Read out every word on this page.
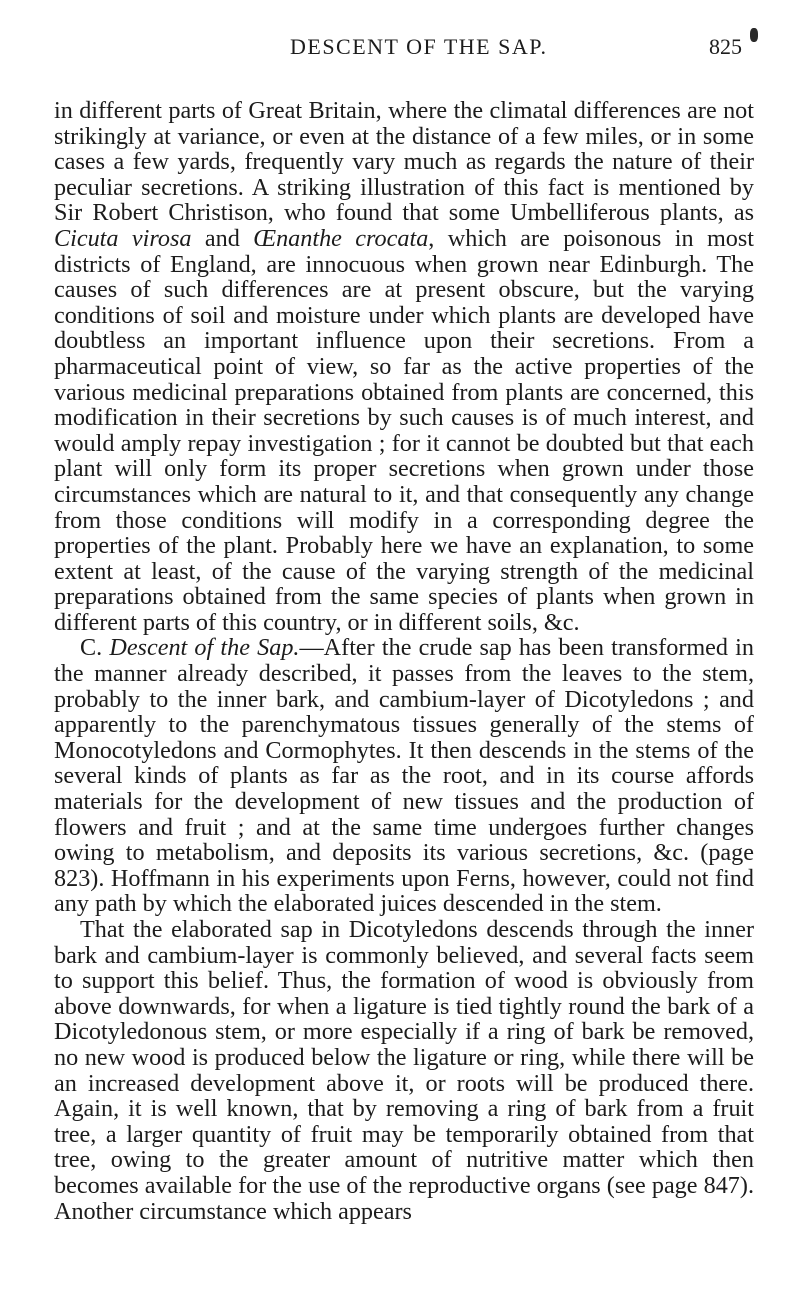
DESCENT OF THE SAP.	825

in different parts of Great Britain, where the climatal differences are not strikingly at variance, or even at the distance of a few miles, or in some cases a few yards, frequently vary much as regards the nature of their peculiar secretions. A striking illustration of this fact is mentioned by Sir Robert Christison, who found that some Umbelliferous plants, as Cicuta virosa and Œnanthe crocata, which are poisonous in most districts of England, are innocuous when grown near Edinburgh. The causes of such differences are at present obscure, but the varying conditions of soil and moisture under which plants are developed have doubtless an important influence upon their secretions. From a pharmaceutical point of view, so far as the active properties of the various medicinal preparations obtained from plants are concerned, this modification in their secretions by such causes is of much interest, and would amply repay investigation ; for it cannot be doubted but that each plant will only form its proper secretions when grown under those circumstances which are natural to it, and that consequently any change from those conditions will modify in a corresponding degree the properties of the plant. Probably here we have an explanation, to some extent at least, of the cause of the varying strength of the medicinal preparations obtained from the same species of plants when grown in different parts of this country, or in different soils, &c.

C. Descent of the Sap.—After the crude sap has been transformed in the manner already described, it passes from the leaves to the stem, probably to the inner bark, and cambium-layer of Dicotyledons ; and apparently to the parenchymatous tissues generally of the stems of Monocotyledons and Cormophytes. It then descends in the stems of the several kinds of plants as far as the root, and in its course affords materials for the development of new tissues and the production of flowers and fruit ; and at the same time undergoes further changes owing to metabolism, and deposits its various secretions, &c. (page 823). Hoffmann in his experiments upon Ferns, however, could not find any path by which the elaborated juices descended in the stem.

That the elaborated sap in Dicotyledons descends through the inner bark and cambium-layer is commonly believed, and several facts seem to support this belief. Thus, the formation of wood is obviously from above downwards, for when a ligature is tied tightly round the bark of a Dicotyledonous stem, or more especially if a ring of bark be removed, no new wood is produced below the ligature or ring, while there will be an increased development above it, or roots will be produced there. Again, it is well known, that by removing a ring of bark from a fruit tree, a larger quantity of fruit may be temporarily obtained from that tree, owing to the greater amount of nutritive matter which then becomes available for the use of the reproductive organs (see page 847). Another circumstance which appears
